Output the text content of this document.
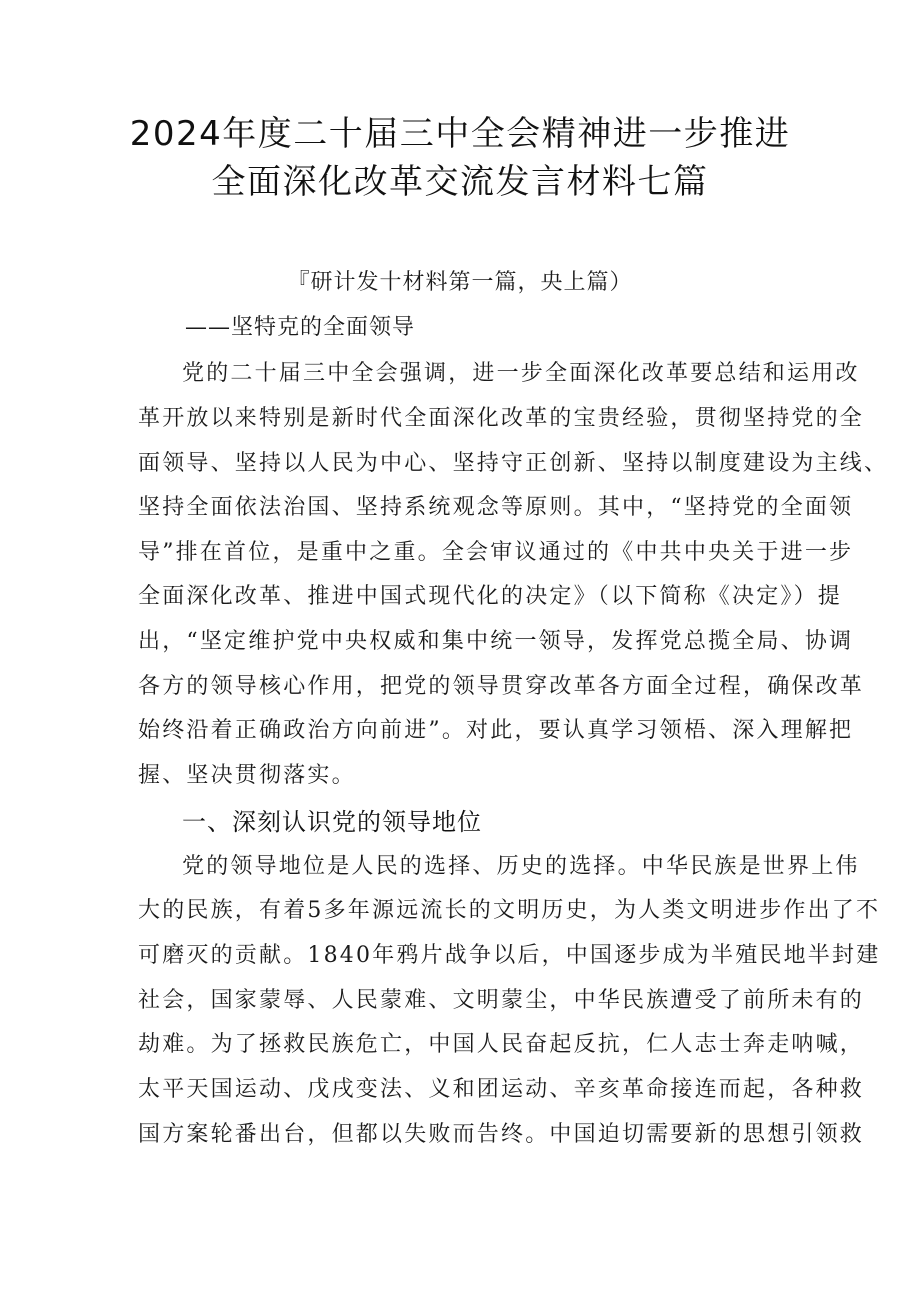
2024年度二十届三中全会精神进一步推进
全面深化改革交流发言材料七篇
『研计发十材料第一篇，央上篇）
——坚特克的全面领导
党的二十届三中全会强调，进一步全面深化改革要总结和运用改
革开放以来特别是新时代全面深化改革的宝贵经验，贯彻坚持党的全
面领导、坚持以人民为中心、坚持守正创新、坚持以制度建设为主线、
坚持全面依法治国、坚持系统观念等原则。其中，“坚持党的全面领
导”排在首位，是重中之重。全会审议通过的《中共中央关于进一步
全面深化改革、推进中国式现代化的决定》（以下简称《决定》）提
出，“坚定维护党中央权威和集中统一领导，发挥党总揽全局、协调
各方的领导核心作用，把党的领导贯穿改革各方面全过程，确保改革
始终沿着正确政治方向前进”。对此，要认真学习领梧、深入理解把
握、坚决贯彻落实。
一、深刻认识党的领导地位
党的领导地位是人民的选择、历史的选择。中华民族是世界上伟
大的民族，有着5多年源远流长的文明历史，为人类文明进步作出了不
可磨灭的贡献。1840年鸦片战争以后，中国逐步成为半殖民地半封建
社会，国家蒙辱、人民蒙难、文明蒙尘，中华民族遭受了前所未有的
劫难。为了拯救民族危亡，中国人民奋起反抗，仁人志士奔走呐喊，
太平天国运动、戊戌变法、义和团运动、辛亥革命接连而起，各种救
国方案轮番出台，但都以失败而告终。中国迫切需要新的思想引领救
